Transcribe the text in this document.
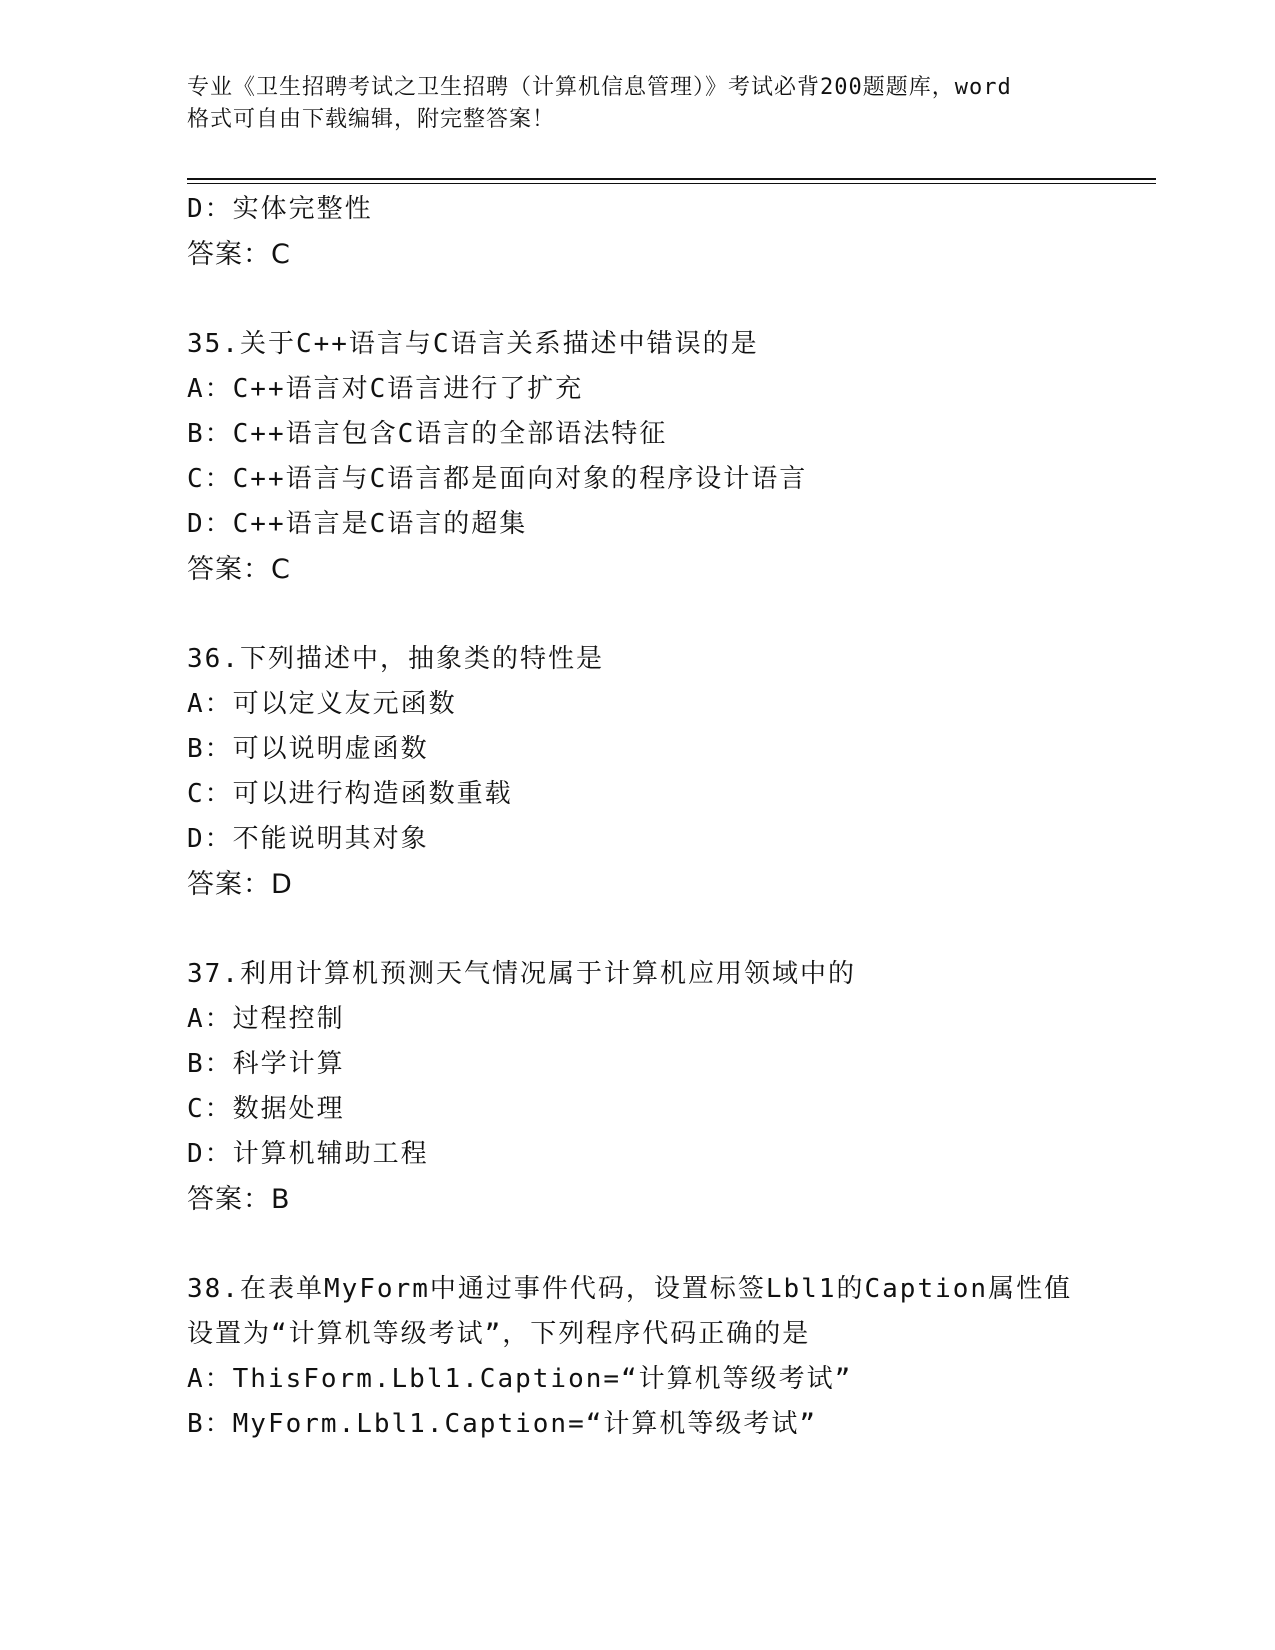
专业《卫生招聘考试之卫生招聘（计算机信息管理）》考试必背200题题库，word
格式可自由下载编辑，附完整答案！
D：实体完整性
答案：C
35.关于C++语言与C语言关系描述中错误的是
A：C++语言对C语言进行了扩充
B：C++语言包含C语言的全部语法特征
C：C++语言与C语言都是面向对象的程序设计语言
D：C++语言是C语言的超集
答案：C
36.下列描述中，抽象类的特性是
A：可以定义友元函数
B：可以说明虚函数
C：可以进行构造函数重载
D：不能说明其对象
答案：D
37.利用计算机预测天气情况属于计算机应用领域中的
A：过程控制
B：科学计算
C：数据处理
D：计算机辅助工程
答案：B
38.在表单MyForm中通过事件代码，设置标签Lbl1的Caption属性值
设置为“计算机等级考试”，下列程序代码正确的是
A：ThisForm.Lbl1.Caption=“计算机等级考试”
B：MyForm.Lbl1.Caption=“计算机等级考试”
